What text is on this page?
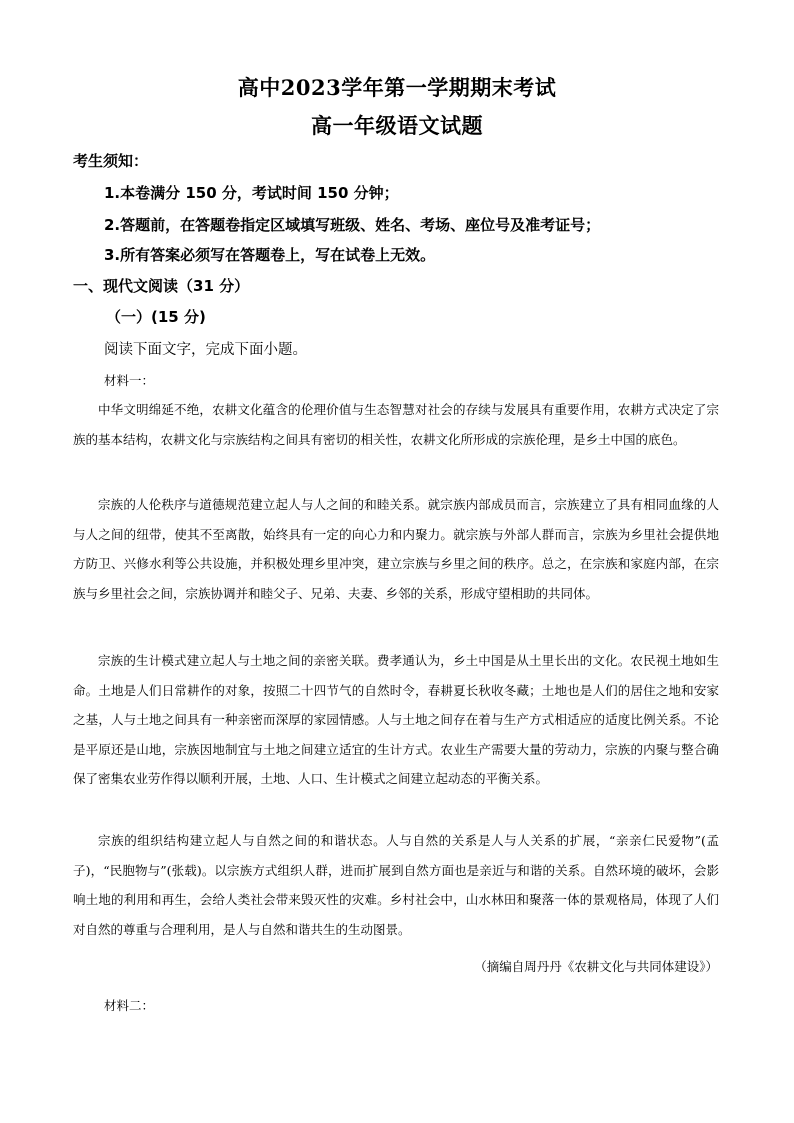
高中2023学年第一学期期末考试
高一年级语文试题
考生须知：
1.本卷满分 150 分，考试时间 150 分钟；
2.答题前，在答题卷指定区域填写班级、姓名、考场、座位号及准考证号；
3.所有答案必须写在答题卷上，写在试卷上无效。
一、现代文阅读（31 分）
（一）(15 分)
阅读下面文字，完成下面小题。
材料一：

中华文明绵延不绝，农耕文化蕴含的伦理价值与生态智慧对社会的存续与发展具有重要作用，农耕方式决定了宗族的基本结构，农耕文化与宗族结构之间具有密切的相关性，农耕文化所形成的宗族伦理，是乡土中国的底色。

宗族的人伦秩序与道德规范建立起人与人之间的和睦关系。就宗族内部成员而言，宗族建立了具有相同血缘的人与人之间的纽带，使其不至离散，始终具有一定的向心力和内聚力。就宗族与外部人群而言，宗族为乡里社会提供地方防卫、兴修水利等公共设施，并积极处理乡里冲突，建立宗族与乡里之间的秩序。总之，在宗族和家庭内部，在宗族与乡里社会之间，宗族协调并和睦父子、兄弟、夫妻、乡邻的关系，形成守望相助的共同体。

宗族的生计模式建立起人与土地之间的亲密关联。费孝通认为，乡土中国是从土里长出的文化。农民视土地如生命。土地是人们日常耕作的对象，按照二十四节气的自然时令，春耕夏长秋收冬藏；土地也是人们的居住之地和安家之基，人与土地之间具有一种亲密而深厚的家园情感。人与土地之间存在着与生产方式相适应的适度比例关系。不论是平原还是山地，宗族因地制宜与土地之间建立适宜的生计方式。农业生产需要大量的劳动力，宗族的内聚与整合确保了密集农业劳作得以顺利开展，土地、人口、生计模式之间建立起动态的平衡关系。

宗族的组织结构建立起人与自然之间的和谐状态。人与自然的关系是人与人关系的扩展，“亲亲仁民爱物”(孟子)，“民胞物与”(张载)。以宗族方式组织人群，进而扩展到自然方面也是亲近与和谐的关系。自然环境的破坏，会影响土地的利用和再生，会给人类社会带来毁灭性的灾难。乡村社会中，山水林田和聚落一体的景观格局，体现了人们对自然的尊重与合理利用，是人与自然和谐共生的生动图景。

（摘编自周丹丹《农耕文化与共同体建设》）
材料二：
